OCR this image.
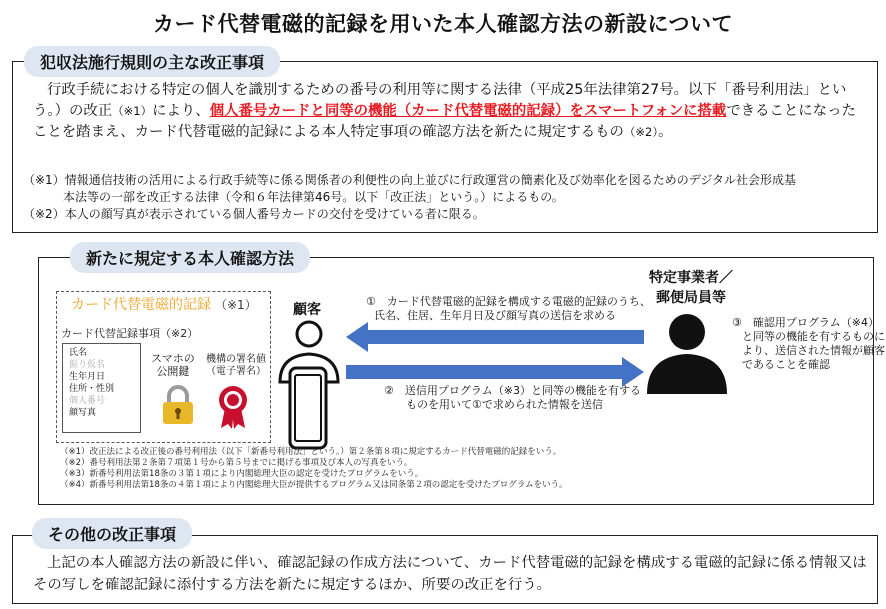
カード代替電磁的記録を用いた本人確認方法の新設について
行政手続における特定の個人を識別するための番号の利用等に関する法律（平成25年法律第27号。以下「番号利用法」という。）の改正（※1）により、個人番号カードと同等の機能（カード代替電磁的記録）をスマートフォンに搭載できることになったことを踏まえ、カード代替電磁的記録による本人特定事項の確認方法を新たに規定するもの（※2）。
（※1）情報通信技術の活用による行政手続等に係る関係者の利便性の向上並びに行政運営の簡素化及び効率化を図るためのデジタル社会形成基
本法等の一部を改正する法律（令和６年法律第46号。以下「改正法」という。）によるもの。
（※2）本人の顔写真が表示されている個人番号カードの交付を受けている者に限る。
犯収法施行規則の主な改正事項
新たに規定する本人確認方法
カード代替電磁的記録 （※1）
カード代替記録事項（※2）
氏名
振り仮名
生年月日
住所・性別
個人番号
顔写真
スマホの
公開鍵
機構の署名値
（電子署名）
顧客
特定事業者／
郵便局員等
①　カード代替電磁的記録を構成する電磁的記録のうち、
氏名、住居、生年月日及び顔写真の送信を求める
②　送信用プログラム（※3）と同等の機能を有する
ものを用いて①で求められた情報を送信
③　確認用プログラム（※4）
と同等の機能を有するものに
より、送信された情報が顧客
であることを確認
（※1）改正法による改正後の番号利用法（以下「新番号利用法」という。）第２条第８項に規定するカード代替電磁的記録をいう。
（※2）番号利用法第２条第７項第１号から第５号までに掲げる事項及び本人の写真をいう。
（※3）新番号利用法第18条の３第１項により内閣総理大臣の認定を受けたプログラムをいう。
（※4）新番号利用法第18条の４第１項により内閣総理大臣が提供するプログラム又は同条第２項の認定を受けたプログラムをいう。
上記の本人確認方法の新設に伴い、確認記録の作成方法について、カード代替電磁的記録を構成する電磁的記録に係る情報又はその写しを確認記録に添付する方法を新たに規定するほか、所要の改正を行う。
その他の改正事項
